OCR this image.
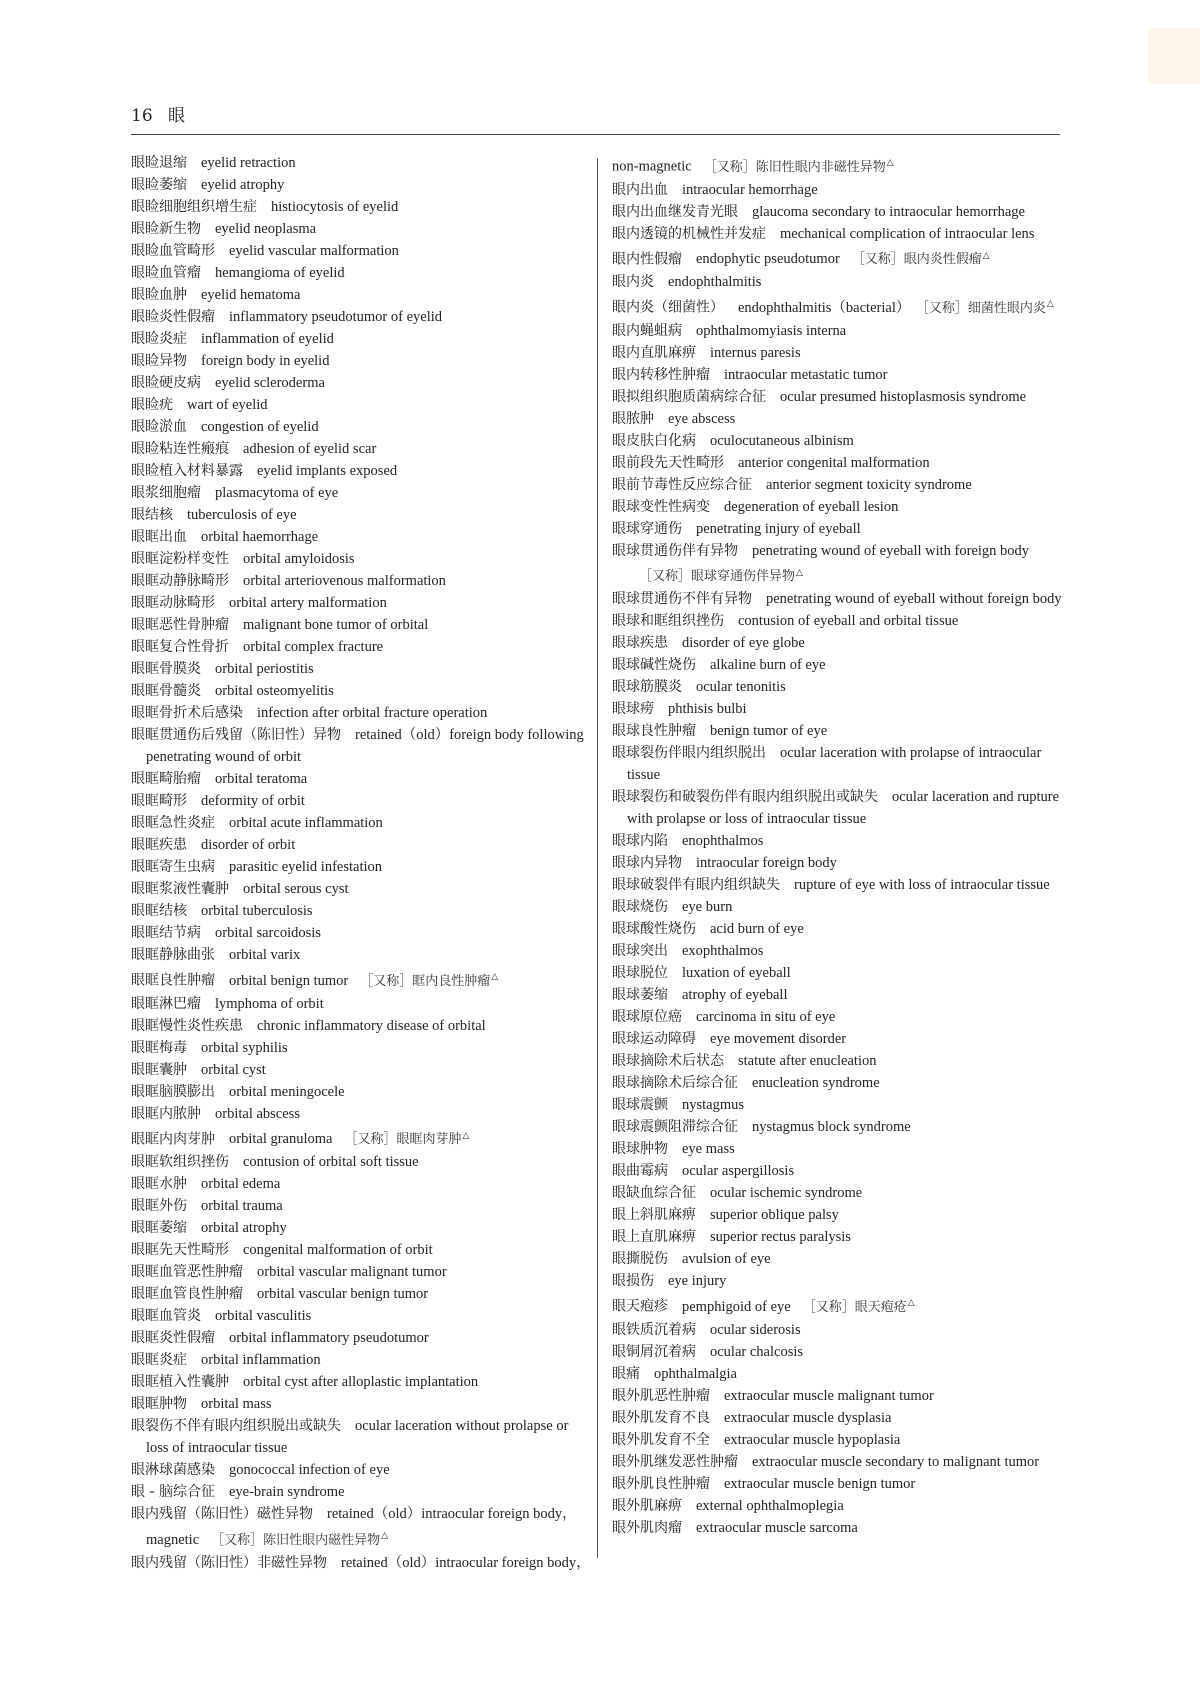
16 眼
眼睑退缩 eyelid retraction
眼睑萎缩 eyelid atrophy
眼睑细胞组织增生症 histiocytosis of eyelid
眼睑新生物 eyelid neoplasma
眼睑血管畸形 eyelid vascular malformation
眼睑血管瘤 hemangioma of eyelid
眼睑血肿 eyelid hematoma
眼睑炎性假瘤 inflammatory pseudotumor of eyelid
眼睑炎症 inflammation of eyelid
眼睑异物 foreign body in eyelid
眼睑硬皮病 eyelid scleroderma
眼睑疣 wart of eyelid
眼睑淤血 congestion of eyelid
眼睑粘连性瘢痕 adhesion of eyelid scar
眼睑植入材料暴露 eyelid implants exposed
眼浆细胞瘤 plasmacytoma of eye
眼结核 tuberculosis of eye
眼眶出血 orbital haemorrhage
眼眶淀粉样变性 orbital amyloidosis
眼眶动静脉畸形 orbital arteriovenous malformation
眼眶动脉畸形 orbital artery malformation
眼眶恶性骨肿瘤 malignant bone tumor of orbital
眼眶复合性骨折 orbital complex fracture
眼眶骨膜炎 orbital periostitis
眼眶骨髓炎 orbital osteomyelitis
眼眶骨折术后感染 infection after orbital fracture operation
眼眶贯通伤后残留（陈旧性）异物 retained（old）foreign body following penetrating wound of orbit
眼眶畸胎瘤 orbital teratoma
眼眶畸形 deformity of orbit
眼眶急性炎症 orbital acute inflammation
眼眶疾患 disorder of orbit
眼眶寄生虫病 parasitic eyelid infestation
眼眶浆液性囊肿 orbital serous cyst
眼眶结核 orbital tuberculosis
眼眶结节病 orbital sarcoidosis
眼眶静脉曲张 orbital varix
眼眶良性肿瘤 orbital benign tumor ［又称］眶内良性肿瘤△
眼眶淋巴瘤 lymphoma of orbit
眼眶慢性炎性疾患 chronic inflammatory disease of orbital
眼眶梅毒 orbital syphilis
眼眶囊肿 orbital cyst
眼眶脑膜膨出 orbital meningocele
眼眶内脓肿 orbital abscess
眼眶内肉芽肿 orbital granuloma ［又称］眼眶肉芽肿△
眼眶软组织挫伤 contusion of orbital soft tissue
眼眶水肿 orbital edema
眼眶外伤 orbital trauma
眼眶萎缩 orbital atrophy
眼眶先天性畸形 congenital malformation of orbit
眼眶血管恶性肿瘤 orbital vascular malignant tumor
眼眶血管良性肿瘤 orbital vascular benign tumor
眼眶血管炎 orbital vasculitis
眼眶炎性假瘤 orbital inflammatory pseudotumor
眼眶炎症 orbital inflammation
眼眶植入性囊肿 orbital cyst after alloplastic implantation
眼眶肿物 orbital mass
眼裂伤不伴有眼内组织脱出或缺失 ocular laceration without prolapse or loss of intraocular tissue
眼淋球菌感染 gonococcal infection of eye
眼 - 脑综合征 eye-brain syndrome
眼内残留（陈旧性）磁性异物 retained（old）intraocular foreign body， magnetic ［又称］陈旧性眼内磁性异物△
眼内残留（陈旧性）非磁性异物 retained（old）intraocular foreign body，
non-magnetic ［又称］陈旧性眼内非磁性异物△
眼内出血 intraocular hemorrhage
眼内出血继发青光眼 glaucoma secondary to intraocular hemorrhage
眼内透镜的机械性并发症 mechanical complication of intraocular lens
眼内性假瘤 endophytic pseudotumor ［又称］眼内炎性假瘤△
眼内炎 endophthalmitis
眼内炎（细菌性） endophthalmitis（bacterial） ［又称］细菌性眼内炎△
眼内蝇蛆病 ophthalmomyiasis interna
眼内直肌麻痹 internus paresis
眼内转移性肿瘤 intraocular metastatic tumor
眼拟组织胞质菌病综合征 ocular presumed histoplasmosis syndrome
眼脓肿 eye abscess
眼皮肤白化病 oculocutaneous albinism
眼前段先天性畸形 anterior congenital malformation
眼前节毒性反应综合征 anterior segment toxicity syndrome
眼球变性性病变 degeneration of eyeball lesion
眼球穿通伤 penetrating injury of eyeball
眼球贯通伤伴有异物 penetrating wound of eyeball with foreign body［又称］眼球穿通伤伴异物△
眼球贯通伤不伴有异物 penetrating wound of eyeball without foreign body
眼球和眶组织挫伤 contusion of eyeball and orbital tissue
眼球疾患 disorder of eye globe
眼球碱性烧伤 alkaline burn of eye
眼球筋膜炎 ocular tenonitis
眼球痨 phthisis bulbi
眼球良性肿瘤 benign tumor of eye
眼球裂伤伴眼内组织脱出 ocular laceration with prolapse of intraocular tissue
眼球裂伤和破裂伤伴有眼内组织脱出或缺失 ocular laceration and rupture with prolapse or loss of intraocular tissue
眼球内陷 enophthalmos
眼球内异物 intraocular foreign body
眼球破裂伴有眼内组织缺失 rupture of eye with loss of intraocular tissue
眼球烧伤 eye burn
眼球酸性烧伤 acid burn of eye
眼球突出 exophthalmos
眼球脱位 luxation of eyeball
眼球萎缩 atrophy of eyeball
眼球原位癌 carcinoma in situ of eye
眼球运动障碍 eye movement disorder
眼球摘除术后状态 statute after enucleation
眼球摘除术后综合征 enucleation syndrome
眼球震颤 nystagmus
眼球震颤阻滞综合征 nystagmus block syndrome
眼球肿物 eye mass
眼曲霉病 ocular aspergillosis
眼缺血综合征 ocular ischemic syndrome
眼上斜肌麻痹 superior oblique palsy
眼上直肌麻痹 superior rectus paralysis
眼撕脱伤 avulsion of eye
眼损伤 eye injury
眼天疱疹 pemphigoid of eye ［又称］眼天疱疮△
眼铁质沉着病 ocular siderosis
眼铜屑沉着病 ocular chalcosis
眼痛 ophthalmalgia
眼外肌恶性肿瘤 extraocular muscle malignant tumor
眼外肌发育不良 extraocular muscle dysplasia
眼外肌发育不全 extraocular muscle hypoplasia
眼外肌继发恶性肿瘤 extraocular muscle secondary to malignant tumor
眼外肌良性肿瘤 extraocular muscle benign tumor
眼外肌麻痹 external ophthalmoplegia
眼外肌肉瘤 extraocular muscle sarcoma
